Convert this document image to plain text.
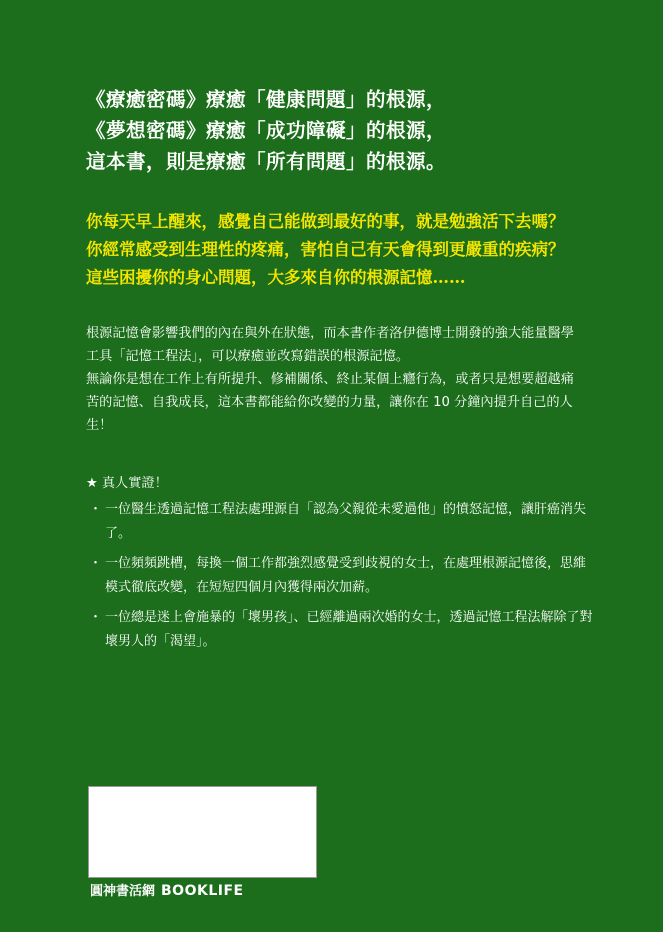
《療癒密碼》療癒「健康問題」的根源，
《夢想密碼》療癒「成功障礙」的根源，
這本書，則是療癒「所有問題」的根源。
你每天早上醒來，感覺自己能做到最好的事，就是勉強活下去嗎？
你經常感受到生理性的疼痛，害怕自己有天會得到更嚴重的疾病？
這些困擾你的身心問題，大多來自你的根源記憶……
根源記憶會影響我們的內在與外在狀態，而本書作者洛伊德博士開發的強大能量醫學工具「記憶工程法」，可以療癒並改寫錯誤的根源記憶。
無論你是想在工作上有所提升、修補關係、終止某個上癮行為，或者只是想要超越痛苦的記憶、自我成長，這本書都能給你改變的力量，讓你在 10 分鐘內提升自己的人生！
★ 真人實證！
・ 一位醫生透過記憶工程法處理源自「認為父親從未愛過他」的憤怒記憶，讓肝癌消失了。
・ 一位頻頻跳槽，每換一個工作都強烈感覺受到歧視的女士，在處理根源記憶後，思維模式徹底改變，在短短四個月內獲得兩次加薪。
・ 一位總是迷上會施暴的「壞男孩」、已經離過兩次婚的女士，透過記憶工程法解除了對壞男人的「渴望」。
圓神書活網 BOOKLIFE
